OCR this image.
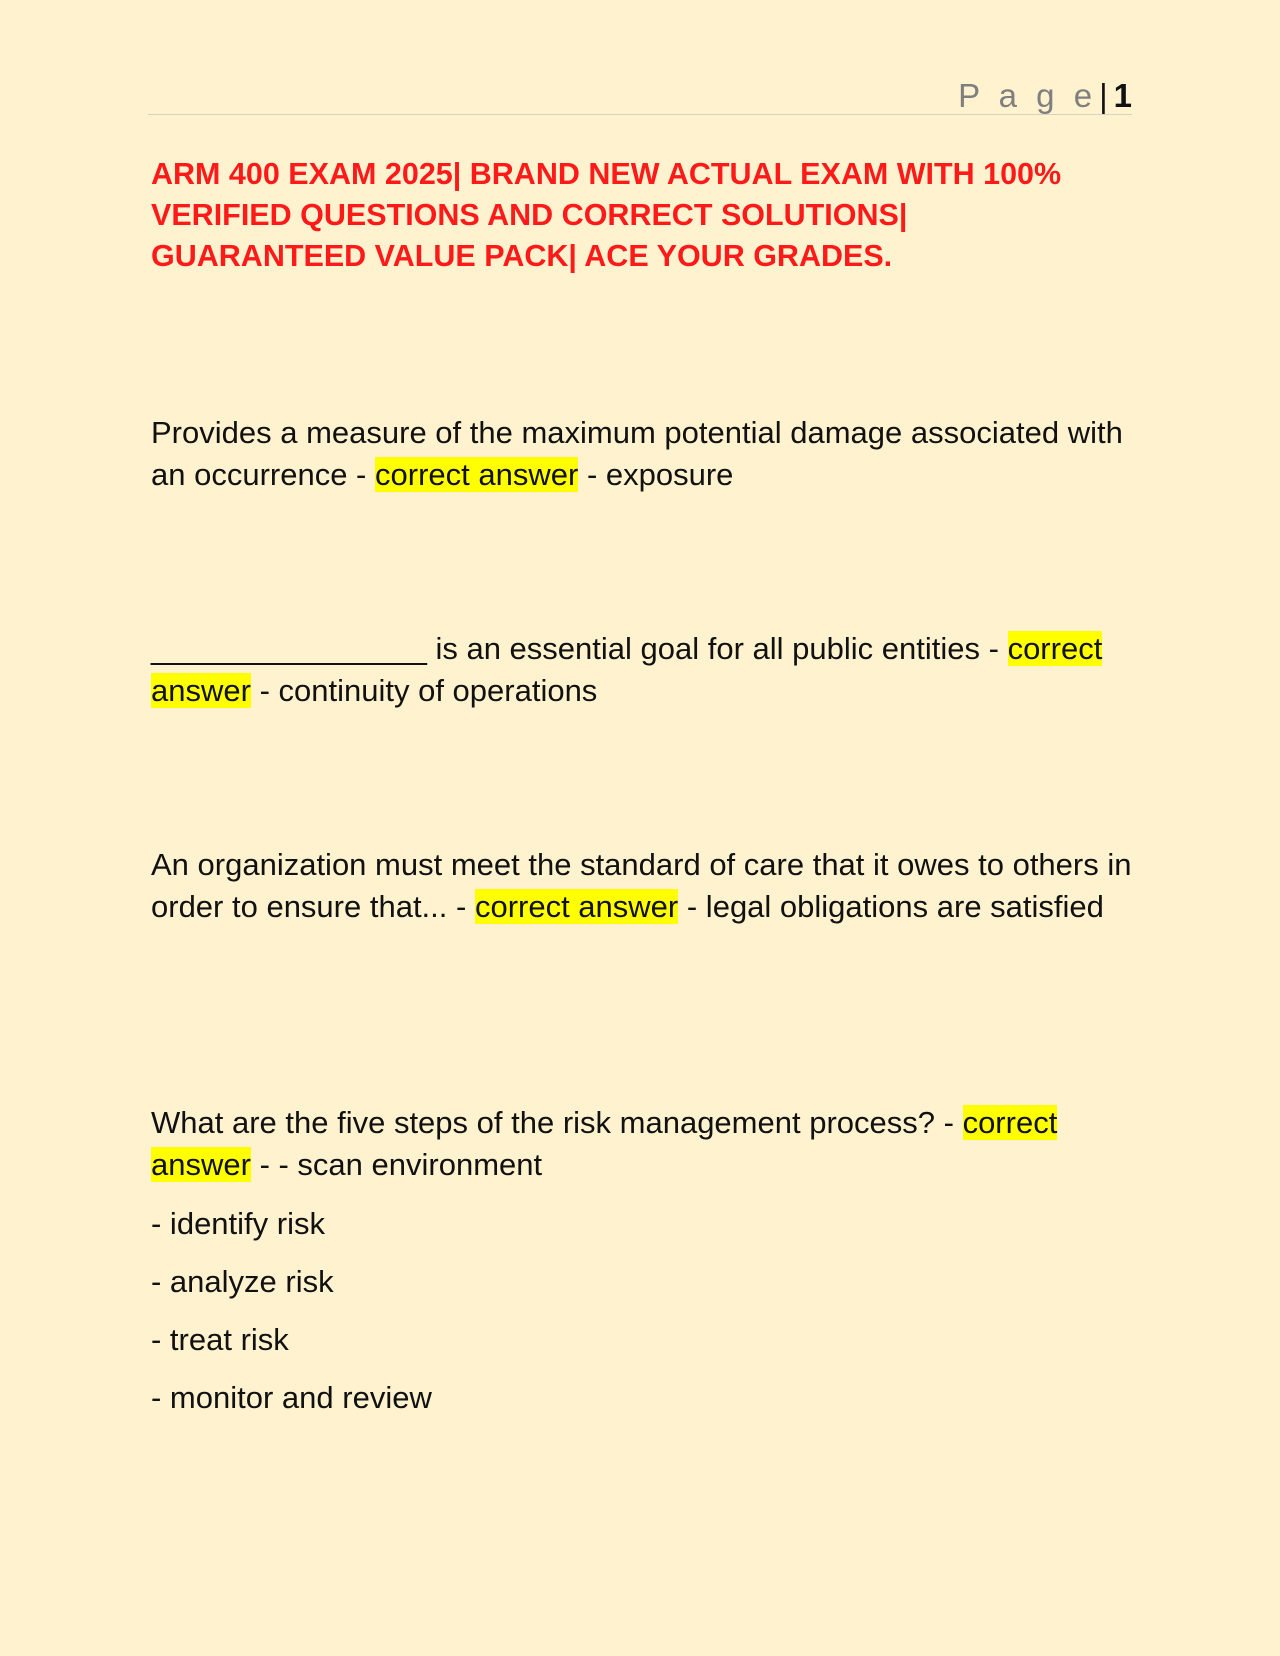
P a g e| 1
ARM 400 EXAM 2025| BRAND NEW ACTUAL EXAM WITH 100% VERIFIED QUESTIONS AND CORRECT SOLUTIONS| GUARANTEED VALUE PACK| ACE YOUR GRADES.

Provides a measure of the maximum potential damage associated with an occurrence - correct answer - exposure

________________ is an essential goal for all public entities - correct answer - continuity of operations

An organization must meet the standard of care that it owes to others in order to ensure that... - correct answer - legal obligations are satisfied

What are the five steps of the risk management process? - correct answer - - scan environment

- identify risk

- analyze risk

- treat risk

- monitor and review
